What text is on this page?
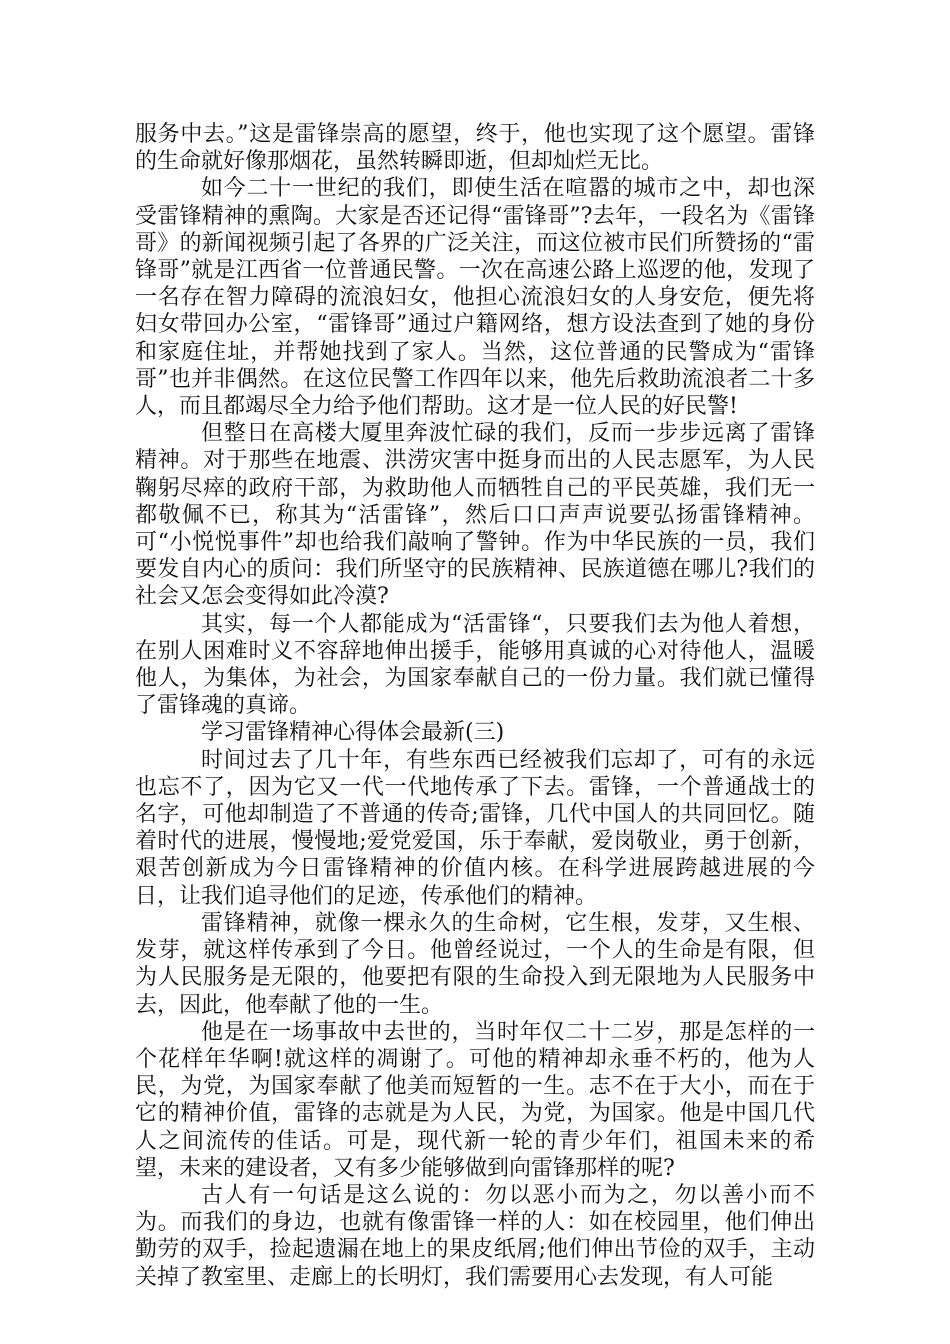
服务中去。”这是雷锋崇高的愿望，终于，他也实现了这个愿望。雷锋的生命就好像那烟花，虽然转瞬即逝，但却灿烂无比。

如今二十一世纪的我们，即使生活在喧嚣的城市之中，却也深受雷锋精神的熏陶。大家是否还记得“雷锋哥”?去年，一段名为《雷锋哥》的新闻视频引起了各界的广泛关注，而这位被市民们所赞扬的“雷锋哥”就是江西省一位普通民警。一次在高速公路上巡逻的他，发现了一名存在智力障碍的流浪妇女，他担心流浪妇女的人身安危，便先将妇女带回办公室，“雷锋哥”通过户籍网络，想方设法查到了她的身份和家庭住址，并帮她找到了家人。当然，这位普通的民警成为“雷锋哥”也并非偶然。在这位民警工作四年以来，他先后救助流浪者二十多人，而且都竭尽全力给予他们帮助。这才是一位人民的好民警!

但整日在高楼大厦里奔波忙碌的我们，反而一步步远离了雷锋精神。对于那些在地震、洪涝灾害中挺身而出的人民志愿军，为人民鞠躬尽瘁的政府干部，为救助他人而牺牲自己的平民英雄，我们无一都敬佩不已，称其为“活雷锋”，然后口口声声说要弘扬雷锋精神。可“小悦悦事件”却也给我们敲响了警钟。作为中华民族的一员，我们要发自内心的质问：我们所坚守的民族精神、民族道德在哪儿?我们的社会又怎会变得如此冷漠?

其实，每一个人都能成为“活雷锋“，只要我们去为他人着想，在别人困难时义不容辞地伸出援手，能够用真诚的心对待他人，温暖他人，为集体，为社会，为国家奉献自己的一份力量。我们就已懂得了雷锋魂的真谛。

学习雷锋精神心得体会最新(三)

时间过去了几十年，有些东西已经被我们忘却了，可有的永远也忘不了，因为它又一代一代地传承了下去。雷锋，一个普通战士的名字，可他却制造了不普通的传奇;雷锋，几代中国人的共同回忆。随着时代的进展，慢慢地;爱党爱国，乐于奉献，爱岗敬业，勇于创新，艰苦创新成为今日雷锋精神的价值内核。在科学进展跨越进展的今日，让我们追寻他们的足迹，传承他们的精神。

雷锋精神，就像一棵永久的生命树，它生根，发芽，又生根、发芽，就这样传承到了今日。他曾经说过，一个人的生命是有限，但为人民服务是无限的，他要把有限的生命投入到无限地为人民服务中去，因此，他奉献了他的一生。

他是在一场事故中去世的，当时年仅二十二岁，那是怎样的一个花样年华啊!就这样的凋谢了。可他的精神却永垂不朽的，他为人民，为党，为国家奉献了他美而短暂的一生。志不在于大小，而在于它的精神价值，雷锋的志就是为人民，为党，为国家。他是中国几代人之间流传的佳话。可是，现代新一轮的青少年们，祖国未来的希望，未来的建设者，又有多少能够做到向雷锋那样的呢?

古人有一句话是这么说的：勿以恶小而为之，勿以善小而不为。而我们的身边，也就有像雷锋一样的人：如在校园里，他们伸出勤劳的双手，捡起遗漏在地上的果皮纸屑;他们伸出节俭的双手，主动关掉了教室里、走廊上的长明灯，我们需要用心去发现，有人可能
